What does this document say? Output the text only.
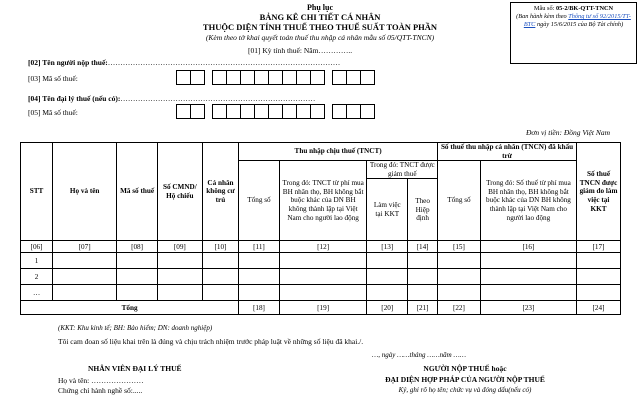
Mẫu số: 05-2/BK-QTT-TNCN
(Ban hành kèm theo Thông tư số 92/2015/TT-BTC ngày 15/6/2015 của Bộ Tài chính)
Phụ lục
BẢNG KÊ CHI TIẾT CÁ NHÂN
THUỘC DIỆN TÍNH THUẾ THEO THUẾ SUẤT TOÀN PHẦN
(Kèm theo tờ khai quyết toán thuế thu nhập cá nhân mẫu số 05/QTT-TNCN)
[01] Kỳ tính thuế: Năm…………..
[02] Tên người nộp thuế:…………………………………………………………………………………
[03] Mã số thuế:
[04] Tên đại lý thuế (nếu có):……………………………………………………………………
[05] Mã số thuế:
Đơn vị tiền: Đồng Việt Nam
STT	Họ và tên	Mã số thuế	Số CMND/ Hộ chiếu	Cá nhân không cư trú	Thu nhập chịu thuế (TNCT)				Số thuế thu nhập cá nhân (TNCN) đã khấu trừ		Số thuế TNCN được giảm do làm việc tại KKT
					Tổng số	Trong đó: TNCT từ phí mua BH nhân thọ, BH không bắt buộc khác của DN BH không thành lập tại Việt Nam cho người lao động	Trong đó: TNCT được giảm thuế		Tổng số	Trong đó: Số thuế từ phí mua BH nhân thọ, BH không bắt buộc khác của DN BH không thành lập tại Việt Nam cho người lao động	
							Làm việc tại KKT	Theo Hiệp định			
[06]	[07]	[08]	[09]	[10]	[11]	[12]	[13]	[14]	[15]	[16]	[17]
1											
2											
…											
Tổng					[18]	[19]	[20]	[21]	[22]	[23]	[24]
(KKT: Khu kinh tế; BH: Bảo hiểm; DN: doanh nghiệp)
Tôi cam đoan số liệu khai trên là đúng và chịu trách nhiệm trước pháp luật về những số liệu đã khai./.
…, ngày ……tháng ……năm ……
NHÂN VIÊN ĐẠI LÝ THUẾ
Họ và tên: …………………
Chứng chỉ hành nghề số:.....
NGƯỜI NỘP THUẾ hoặc
ĐẠI DIỆN HỢP PHÁP CỦA NGƯỜI NỘP THUẾ
Ký, ghi rõ họ tên; chức vụ và đóng dấu(nếu có)
